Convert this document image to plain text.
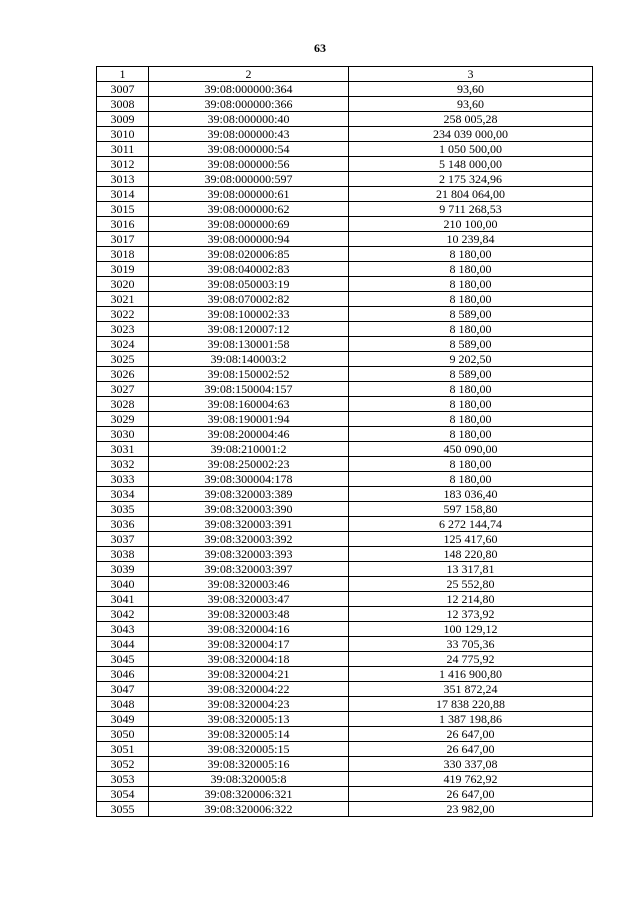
63
1	2	3
3007	39:08:000000:364	93,60
3008	39:08:000000:366	93,60
3009	39:08:000000:40	258 005,28
3010	39:08:000000:43	234 039 000,00
3011	39:08:000000:54	1 050 500,00
3012	39:08:000000:56	5 148 000,00
3013	39:08:000000:597	2 175 324,96
3014	39:08:000000:61	21 804 064,00
3015	39:08:000000:62	9 711 268,53
3016	39:08:000000:69	210 100,00
3017	39:08:000000:94	10 239,84
3018	39:08:020006:85	8 180,00
3019	39:08:040002:83	8 180,00
3020	39:08:050003:19	8 180,00
3021	39:08:070002:82	8 180,00
3022	39:08:100002:33	8 589,00
3023	39:08:120007:12	8 180,00
3024	39:08:130001:58	8 589,00
3025	39:08:140003:2	9 202,50
3026	39:08:150002:52	8 589,00
3027	39:08:150004:157	8 180,00
3028	39:08:160004:63	8 180,00
3029	39:08:190001:94	8 180,00
3030	39:08:200004:46	8 180,00
3031	39:08:210001:2	450 090,00
3032	39:08:250002:23	8 180,00
3033	39:08:300004:178	8 180,00
3034	39:08:320003:389	183 036,40
3035	39:08:320003:390	597 158,80
3036	39:08:320003:391	6 272 144,74
3037	39:08:320003:392	125 417,60
3038	39:08:320003:393	148 220,80
3039	39:08:320003:397	13 317,81
3040	39:08:320003:46	25 552,80
3041	39:08:320003:47	12 214,80
3042	39:08:320003:48	12 373,92
3043	39:08:320004:16	100 129,12
3044	39:08:320004:17	33 705,36
3045	39:08:320004:18	24 775,92
3046	39:08:320004:21	1 416 900,80
3047	39:08:320004:22	351 872,24
3048	39:08:320004:23	17 838 220,88
3049	39:08:320005:13	1 387 198,86
3050	39:08:320005:14	26 647,00
3051	39:08:320005:15	26 647,00
3052	39:08:320005:16	330 337,08
3053	39:08:320005:8	419 762,92
3054	39:08:320006:321	26 647,00
3055	39:08:320006:322	23 982,00
